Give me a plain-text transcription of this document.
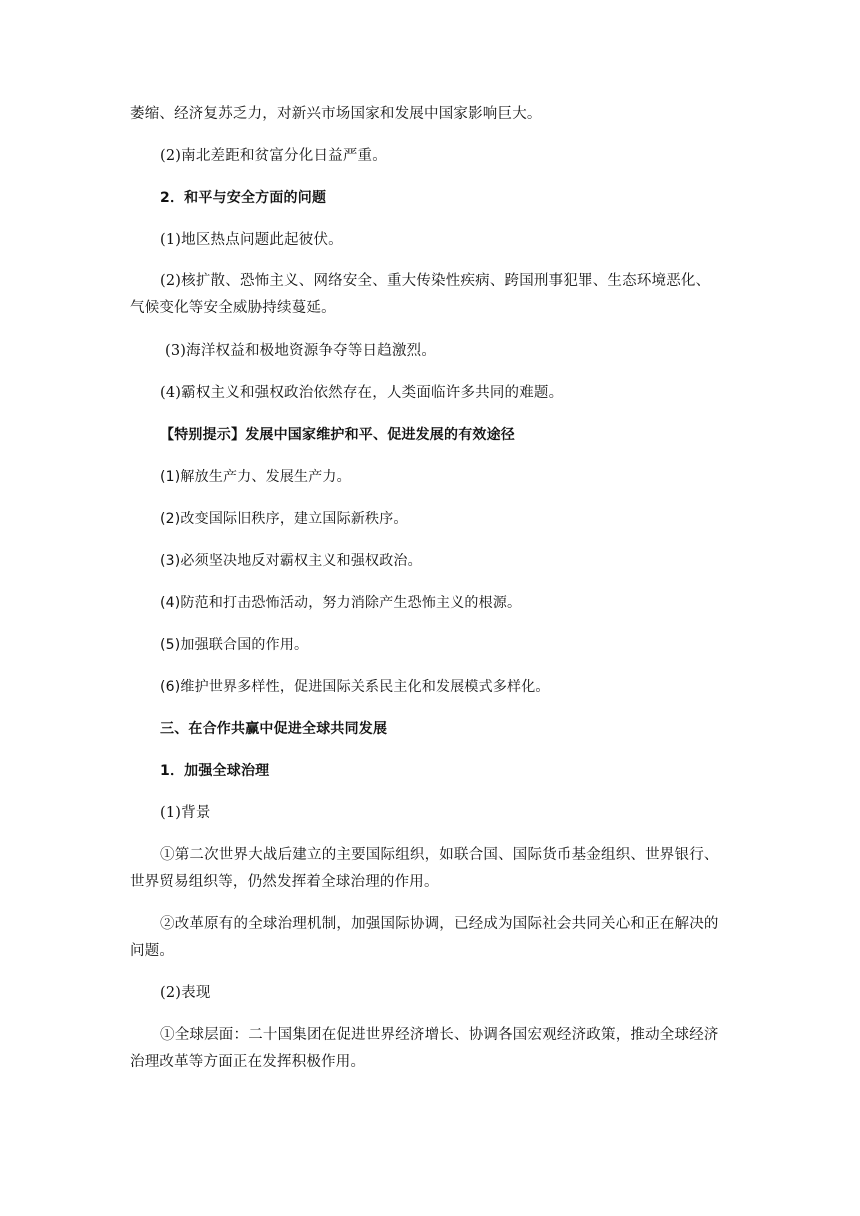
萎缩、经济复苏乏力，对新兴市场国家和发展中国家影响巨大。
(2)南北差距和贫富分化日益严重。
2．和平与安全方面的问题
(1)地区热点问题此起彼伏。
(2)核扩散、恐怖主义、网络安全、重大传染性疾病、跨国刑事犯罪、生态环境恶化、
气候变化等安全威胁持续蔓延。
(3)海洋权益和极地资源争夺等日趋激烈。
(4)霸权主义和强权政治依然存在，人类面临许多共同的难题。
【特别提示】发展中国家维护和平、促进发展的有效途径
(1)解放生产力、发展生产力。
(2)改变国际旧秩序，建立国际新秩序。
(3)必须坚决地反对霸权主义和强权政治。
(4)防范和打击恐怖活动，努力消除产生恐怖主义的根源。
(5)加强联合国的作用。
(6)维护世界多样性，促进国际关系民主化和发展模式多样化。
三、在合作共赢中促进全球共同发展
1．加强全球治理
(1)背景
①第二次世界大战后建立的主要国际组织，如联合国、国际货币基金组织、世界银行、
世界贸易组织等，仍然发挥着全球治理的作用。
②改革原有的全球治理机制，加强国际协调，已经成为国际社会共同关心和正在解决的
问题。
(2)表现
①全球层面：二十国集团在促进世界经济增长、协调各国宏观经济政策，推动全球经济
治理改革等方面正在发挥积极作用。
